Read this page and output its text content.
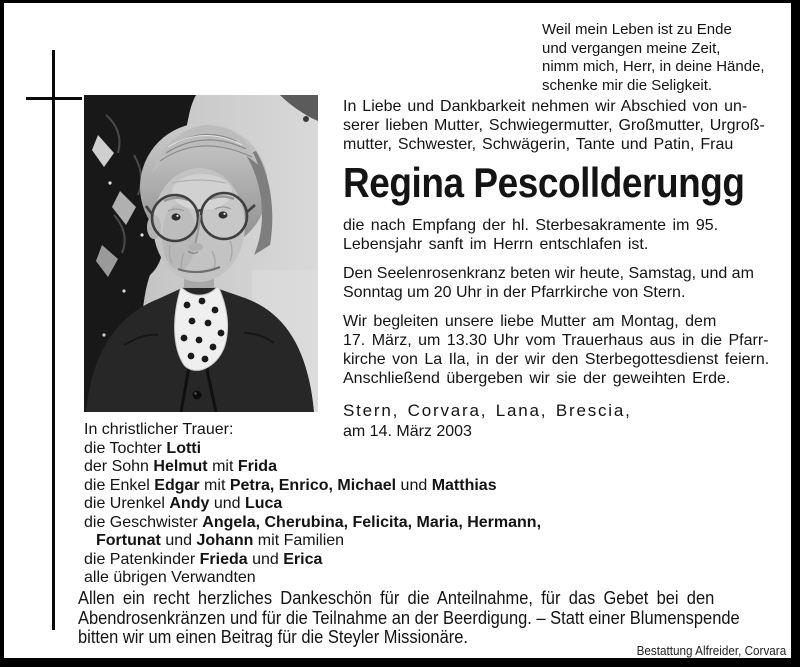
Weil mein Leben ist zu Ende
und vergangen meine Zeit,
nimm mich, Herr, in deine Hände,
schenke mir die Seligkeit.
In Liebe und Dankbarkeit nehmen wir Abschied von un-
serer lieben Mutter, Schwiegermutter, Großmutter, Urgroß-
mutter, Schwester, Schwägerin, Tante und Patin, Frau
Regina Pescollderungg
die nach Empfang der hl. Sterbesakramente im 95.
Lebensjahr sanft im Herrn entschlafen ist.
Den Seelenrosenkranz beten wir heute, Samstag, und am
Sonntag um 20 Uhr in der Pfarrkirche von Stern.
Wir begleiten unsere liebe Mutter am Montag, dem
17. März, um 13.30 Uhr vom Trauerhaus aus in die Pfarr-
kirche von La Ila, in der wir den Sterbegottesdienst feiern.
Anschließend übergeben wir sie der geweihten Erde.
Stern, Corvara, Lana, Brescia,
am 14. März 2003
In christlicher Trauer:
die Tochter Lotti
der Sohn Helmut mit Frida
die Enkel Edgar mit Petra, Enrico, Michael und Matthias
die Urenkel Andy und Luca
die Geschwister Angela, Cherubina, Felicita, Maria, Hermann,
Fortunat und Johann mit Familien
die Patenkinder Frieda und Erica
alle übrigen Verwandten
Allen ein recht herzliches Dankeschön für die Anteilnahme, für das Gebet bei den
Abendrosenkränzen und für die Teilnahme an der Beerdigung. – Statt einer Blumenspende
bitten wir um einen Beitrag für die Steyler Missionäre.
Bestattung Alfreider, Corvara
